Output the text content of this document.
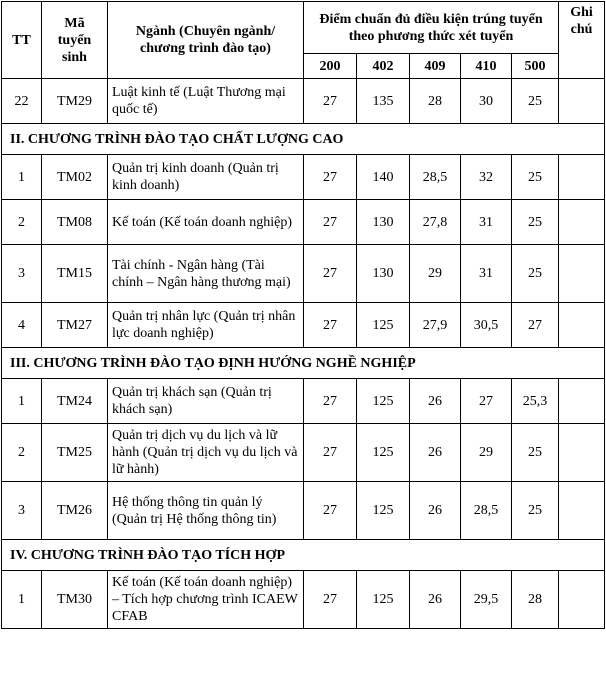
TT	Mã tuyển sinh	Ngành (Chuyên ngành/ chương trình đào tạo)	Điểm chuẩn đủ điều kiện trúng tuyển theo phương thức xét tuyển					Ghi chú
			200	402	409	410	500	
22	TM29	Luật kinh tế (Luật Thương mại quốc tế)	27	135	28	30	25	
II. CHƯƠNG TRÌNH ĐÀO TẠO CHẤT LƯỢNG CAO								
1	TM02	Quản trị kinh doanh (Quản trị kinh doanh)	27	140	28,5	32	25	
2	TM08	Kế toán (Kế toán doanh nghiệp)	27	130	27,8	31	25	
3	TM15	Tài chính - Ngân hàng (Tài chính – Ngân hàng thương mại)	27	130	29	31	25	
4	TM27	Quản trị nhân lực (Quản trị nhân lực doanh nghiệp)	27	125	27,9	30,5	27	
III. CHƯƠNG TRÌNH ĐÀO TẠO ĐỊNH HƯỚNG NGHỀ NGHIỆP								
1	TM24	Quản trị khách sạn (Quản trị khách sạn)	27	125	26	27	25,3	
2	TM25	Quản trị dịch vụ du lịch và lữ hành (Quản trị dịch vụ du lịch và lữ hành)	27	125	26	29	25	
3	TM26	Hệ thống thông tin quản lý (Quản trị Hệ thống thông tin)	27	125	26	28,5	25	
IV. CHƯƠNG TRÌNH ĐÀO TẠO TÍCH HỢP								
1	TM30	Kế toán (Kế toán doanh nghiệp) – Tích hợp chương trình ICAEW CFAB	27	125	26	29,5	28	
